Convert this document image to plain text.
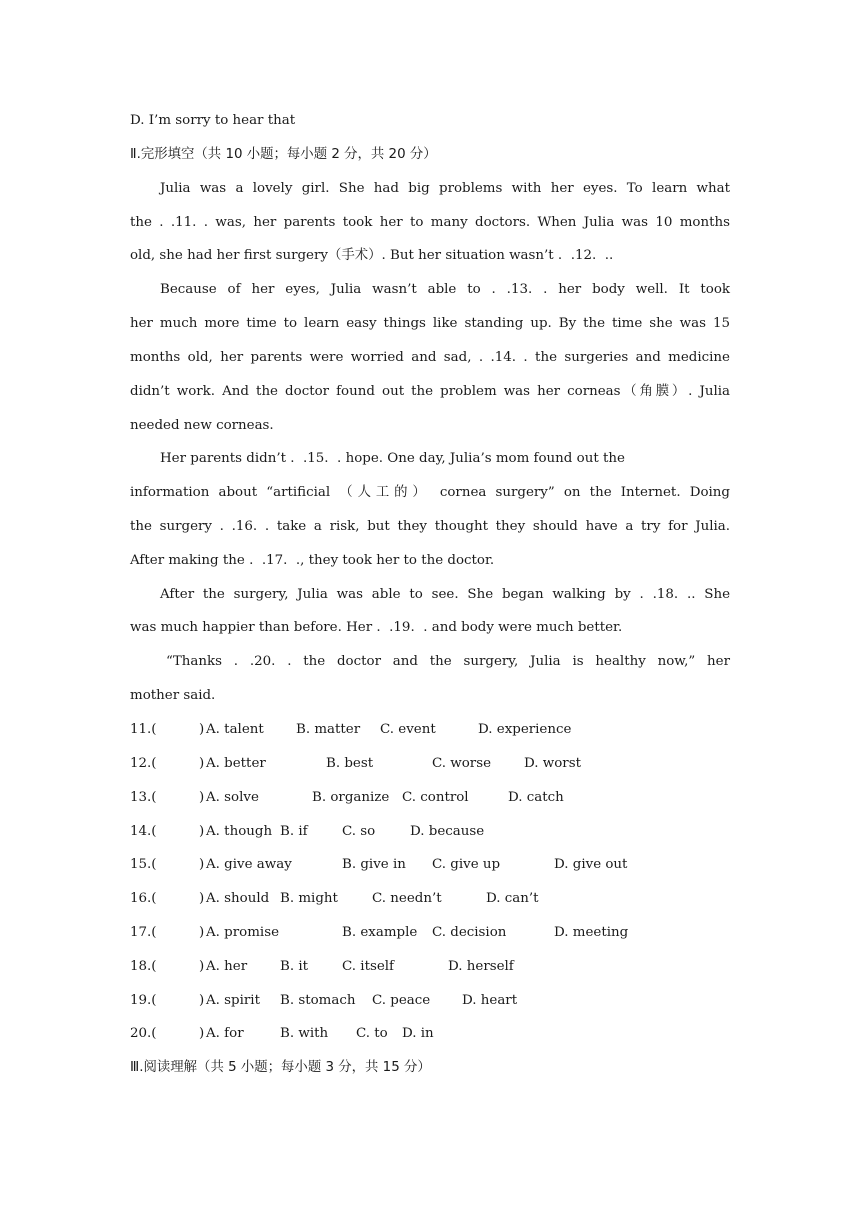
D. I’m sorry to hear that
Ⅱ.完形填空（共 10 小题；每小题 2 分，共 20 分）
Julia was a lovely girl. She had big problems with her eyes. To learn what
the . .11. . was, her parents took her to many doctors. When Julia was 10 months
old, she had her first surgery（手术）. But her situation wasn’t .  .12.  ..
Because of her eyes, Julia wasn’t able to . .13. . her body well. It took
her much more time to learn easy things like standing up. By the time she was 15
months old, her parents were worried and sad, . .14. . the surgeries and medicine
didn’t work. And the doctor found out the problem was her corneas（角膜）. Julia
needed new corneas.
Her parents didn’t .  .15.  . hope. One day, Julia’s mom found out the
information about “artificial （人工的） cornea surgery” on the Internet. Doing
the surgery . .16. . take a risk, but they thought they should have a try for Julia.
After making the .  .17.  ., they took her to the doctor.
After the surgery, Julia was able to see. She began walking by . .18. .. She
was much happier than before. Her .  .19.  . and body were much better.
“Thanks . .20. . the doctor and the surgery, Julia is healthy now,” her
mother said.

11.(

	)

A. talent

B. matter

C. event

	D. experience

12.(

	)

A. better

	B. best

	C. worse

D. worst

13.(

	)

A. solve

	B. organize

C. control

	D. catch

14.(

	)

A. though

B. if

	C. so

	D. because

15.(

	)

A. give away

	B. give in

C. give up

	D. give out

16.(

	)

A. should

B. might

	C. needn’t

	D. can’t

17.(

	)

A. promise

	B. example

C. decision

	D. meeting

18.(

	)

A. her

B. it

	C. itself

	D. herself

19.(

	)

A. spirit

B. stomach

C. peace

D. heart

20.(

	)

A. for

	B. with

C. to

D. in

Ⅲ.阅读理解（共 5 小题；每小题 3 分，共 15 分）
